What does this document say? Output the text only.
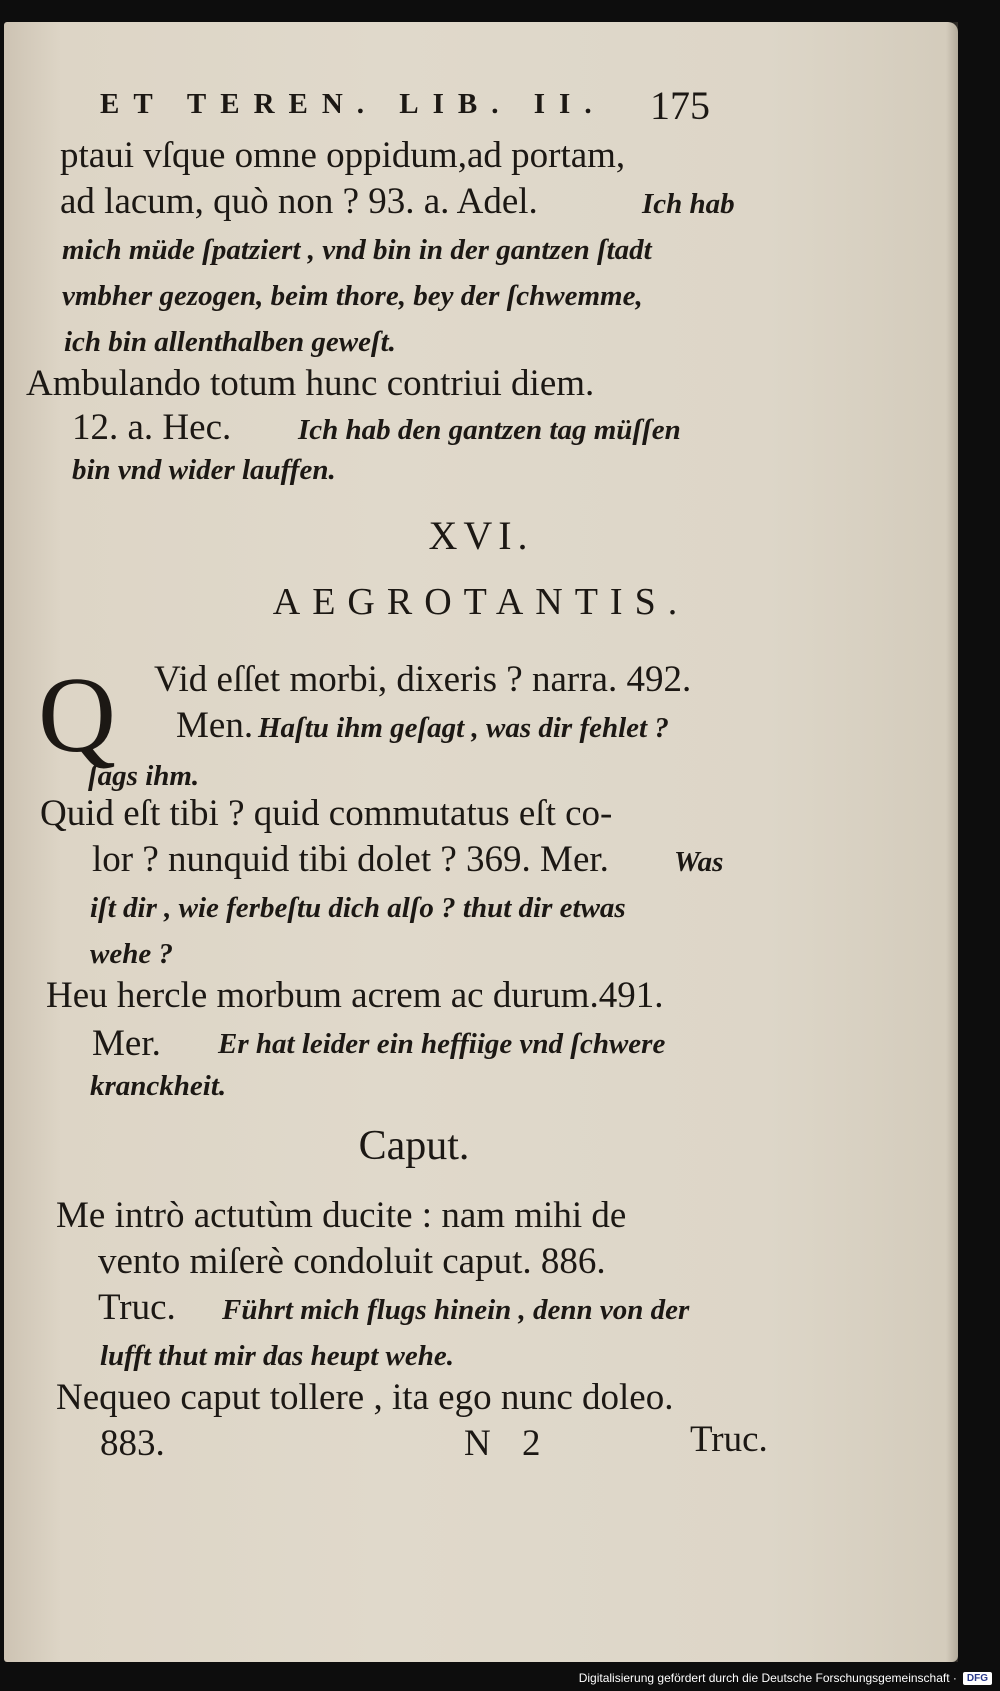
ET TEREN. LIB. II. 175
ptaui vſque omne oppidum,ad portam,
ad lacum, quò non ? 93. a. Adel.	Ich hab
mich müde ſpatziert , vnd bin in der gantzen ſtadt
vmbher gezogen, beim thore, bey der ſchwemme,
ich bin allenthalben geweſt.
Ambulando totum hunc contriui diem.
12. a. Hec. Ich hab den gantzen tag müſſen
bin vnd wider lauffen.
XVI.
AEGROTANTIS.
Q Vid eſſet morbi, dixeris ? narra. 492.
Men. Haſtu ihm geſagt , was dir fehlet ?
ſags ihm.
Quid eſt tibi ? quid commutatus eſt co-
lor ? nunquid tibi dolet ? 369. Mer. Was
iſt dir , wie ferbeſtu dich alſo ? thut dir etwas
wehe ?
Heu hercle morbum acrem ac durum.491.
Mer. Er hat leider ein heffiige vnd ſchwere
kranckheit.
Caput.
Me intrò actutùm ducite : nam mihi de
vento miſerè condoluit caput. 886.
Truc. Führt mich flugs hinein , denn von der
lufft thut mir das heupt wehe.
Nequeo caput tollere , ita ego nunc doleo.
883.	N 2	Truc.
Digitalisierung gefördert durch die Deutsche Forschungsgemeinschaft ·	DFG
